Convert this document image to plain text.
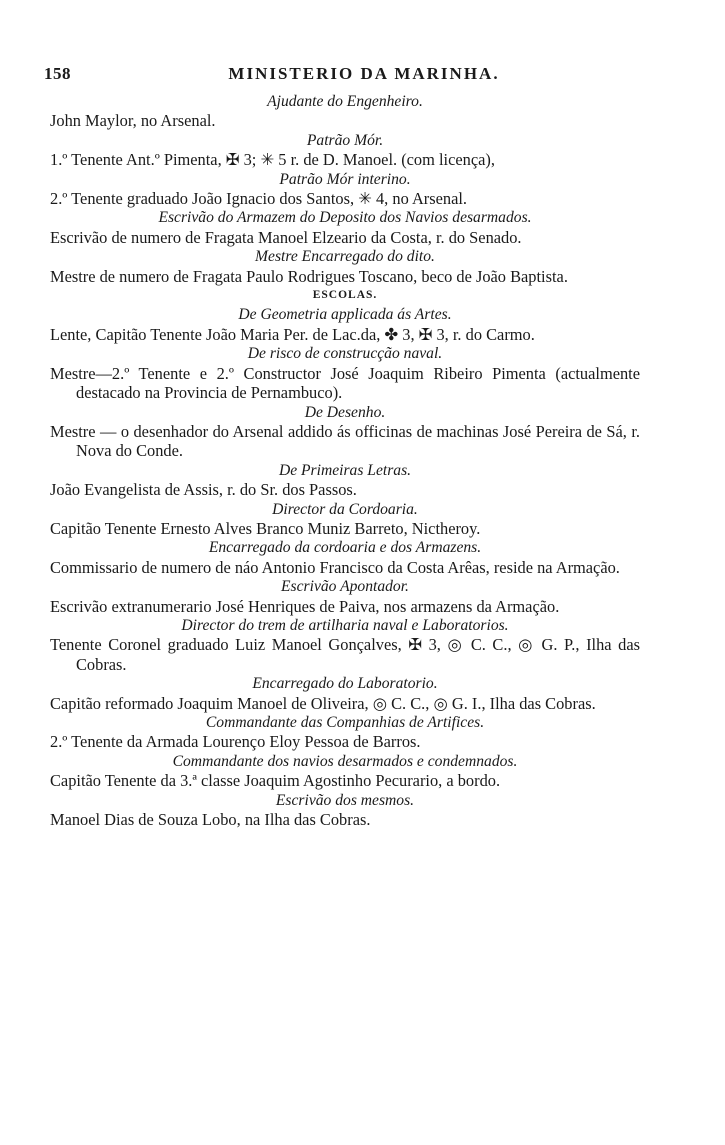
158	MINISTERIO DA MARINHA.
Ajudante do Engenheiro.
John Maylor, no Arsenal.
Patrão Mór.
1.º Tenente Ant.º Pimenta, ✠ 3; ✳ 5 r. de D. Manoel. (com licença),
Patrão Mór interino.
2.º Tenente graduado João Ignacio dos Santos, ✳ 4, no Arsenal.
Escrivão do Armazem do Deposito dos Navios desarmados.
Escrivão de numero de Fragata Manoel Elzeario da Costa, r. do Senado.
Mestre Encarregado do dito.
Mestre de numero de Fragata Paulo Rodrigues Toscano, beco de João Baptista.
ESCOLAS.
De Geometria applicada ás Artes.
Lente, Capitão Tenente João Maria Per. de Lac.da, ✤ 3, ✠ 3, r. do Carmo.
De risco de construcção naval.
Mestre—2.º Tenente e 2.º Constructor José Joaquim Ribeiro Pimenta (actualmente destacado na Provincia de Pernambuco).
De Desenho.
Mestre — o desenhador do Arsenal addido ás officinas de machinas José Pereira de Sá, r. Nova do Conde.
De Primeiras Letras.
João Evangelista de Assis, r. do Sr. dos Passos.
Director da Cordoaria.
Capitão Tenente Ernesto Alves Branco Muniz Barreto, Nictheroy.
Encarregado da cordoaria e dos Armazens.
Commissario de numero de náo Antonio Francisco da Costa Arêas, reside na Armação.
Escrivão Apontador.
Escrivão extranumerario José Henriques de Paiva, nos armazens da Armação.
Director do trem de artilharia naval e Laboratorios.
Tenente Coronel graduado Luiz Manoel Gonçalves, ✠ 3, ◎ C. C., ◎ G. P., Ilha das Cobras.
Encarregado do Laboratorio.
Capitão reformado Joaquim Manoel de Oliveira, ◎ C. C., ◎ G. I., Ilha das Cobras.
Commandante das Companhias de Artifices.
2.º Tenente da Armada Lourenço Eloy Pessoa de Barros.
Commandante dos navios desarmados e condemnados.
Capitão Tenente da 3.ª classe Joaquim Agostinho Pecurario, a bordo.
Escrivão dos mesmos.
Manoel Dias de Souza Lobo, na Ilha das Cobras.
